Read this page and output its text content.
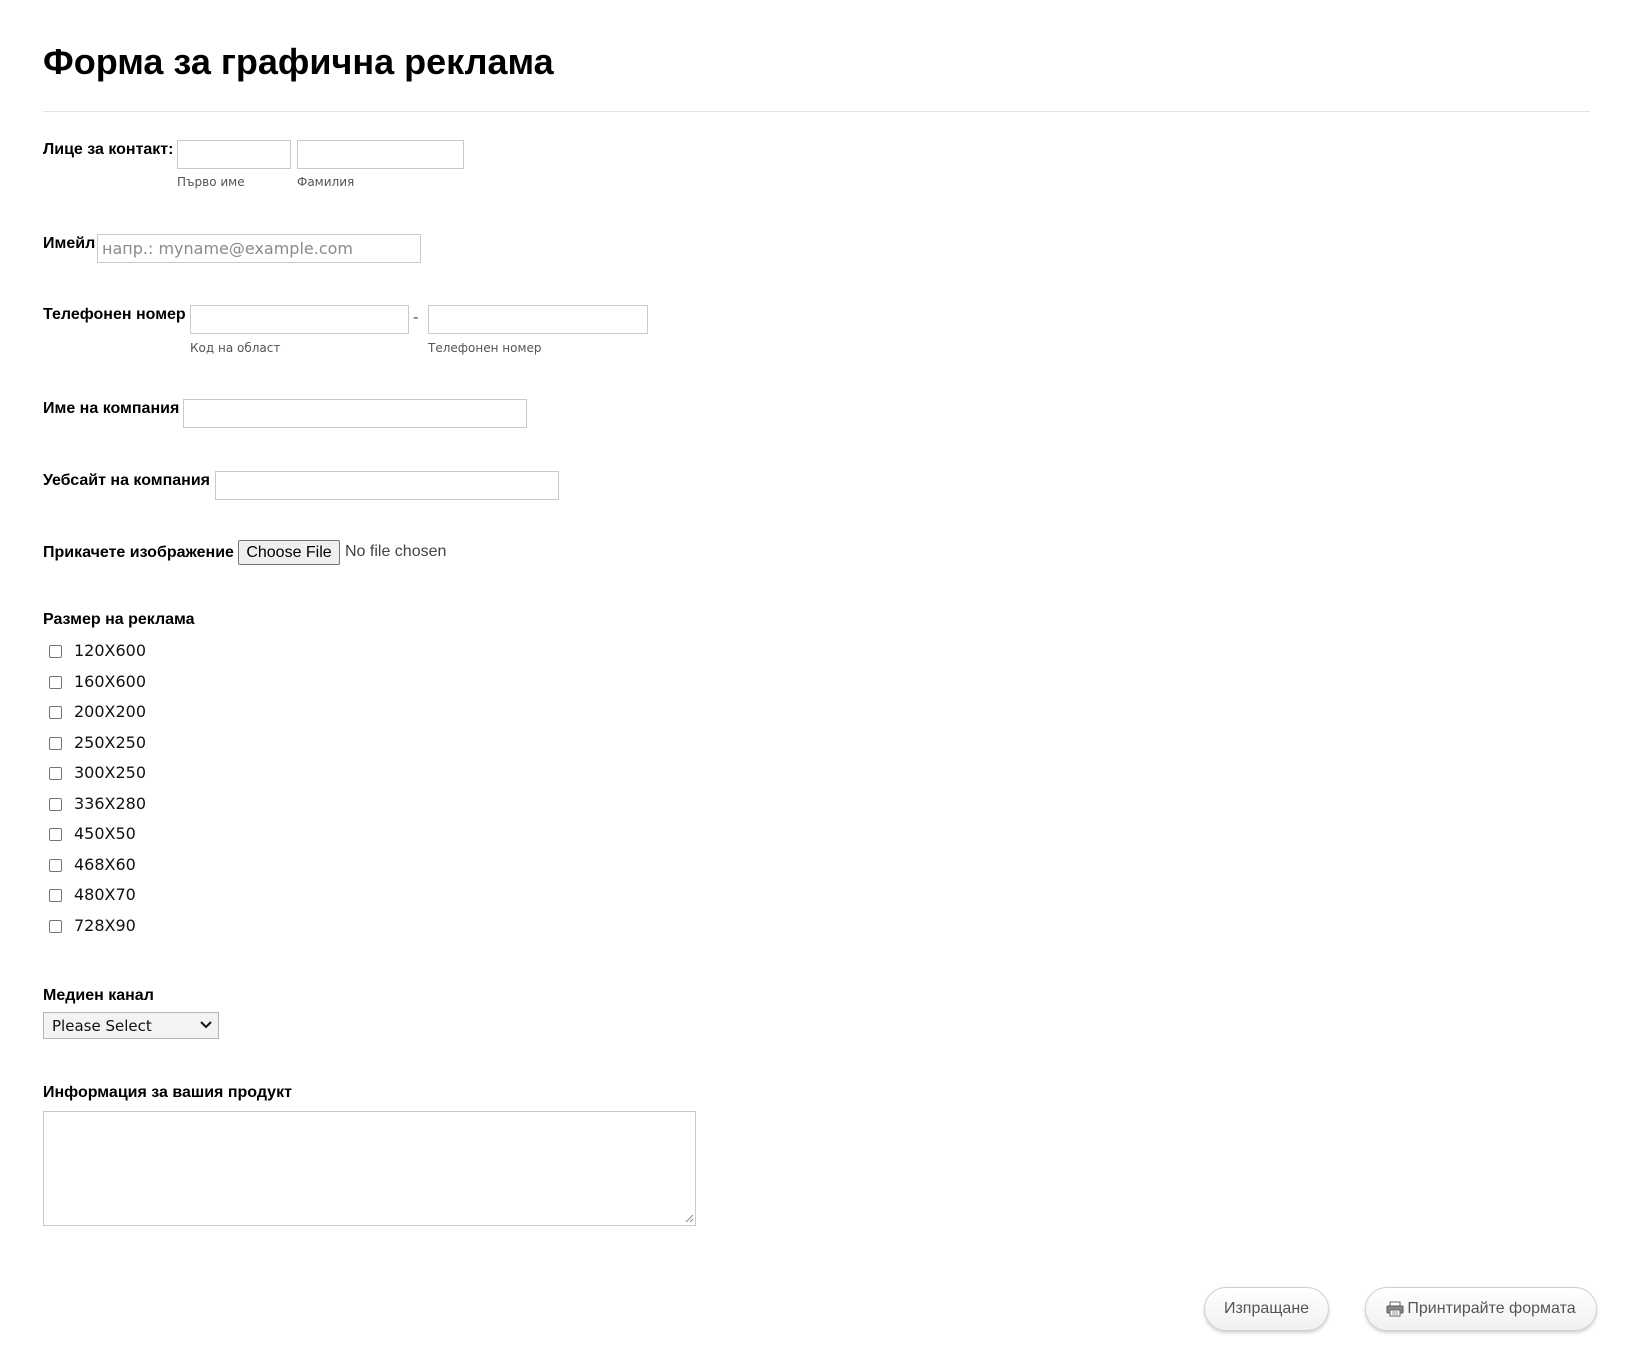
Форма за графична реклама
Лице за контакт:
Първо име	Фамилия
Имейл
напр.: myname@example.com
Телефонен номер	-
Код на област	Телефонен номер
Име на компания
Уебсайт на компания
Прикачете изображение Choose File No file chosen
Размер на реклама
120X600
160X600
200X200
250X250
300X250
336X280
450X50
468X60
480X70
728X90
Медиен канал
Please Select
Информация за вашия продукт
Изпращане	Принтирайте формата
